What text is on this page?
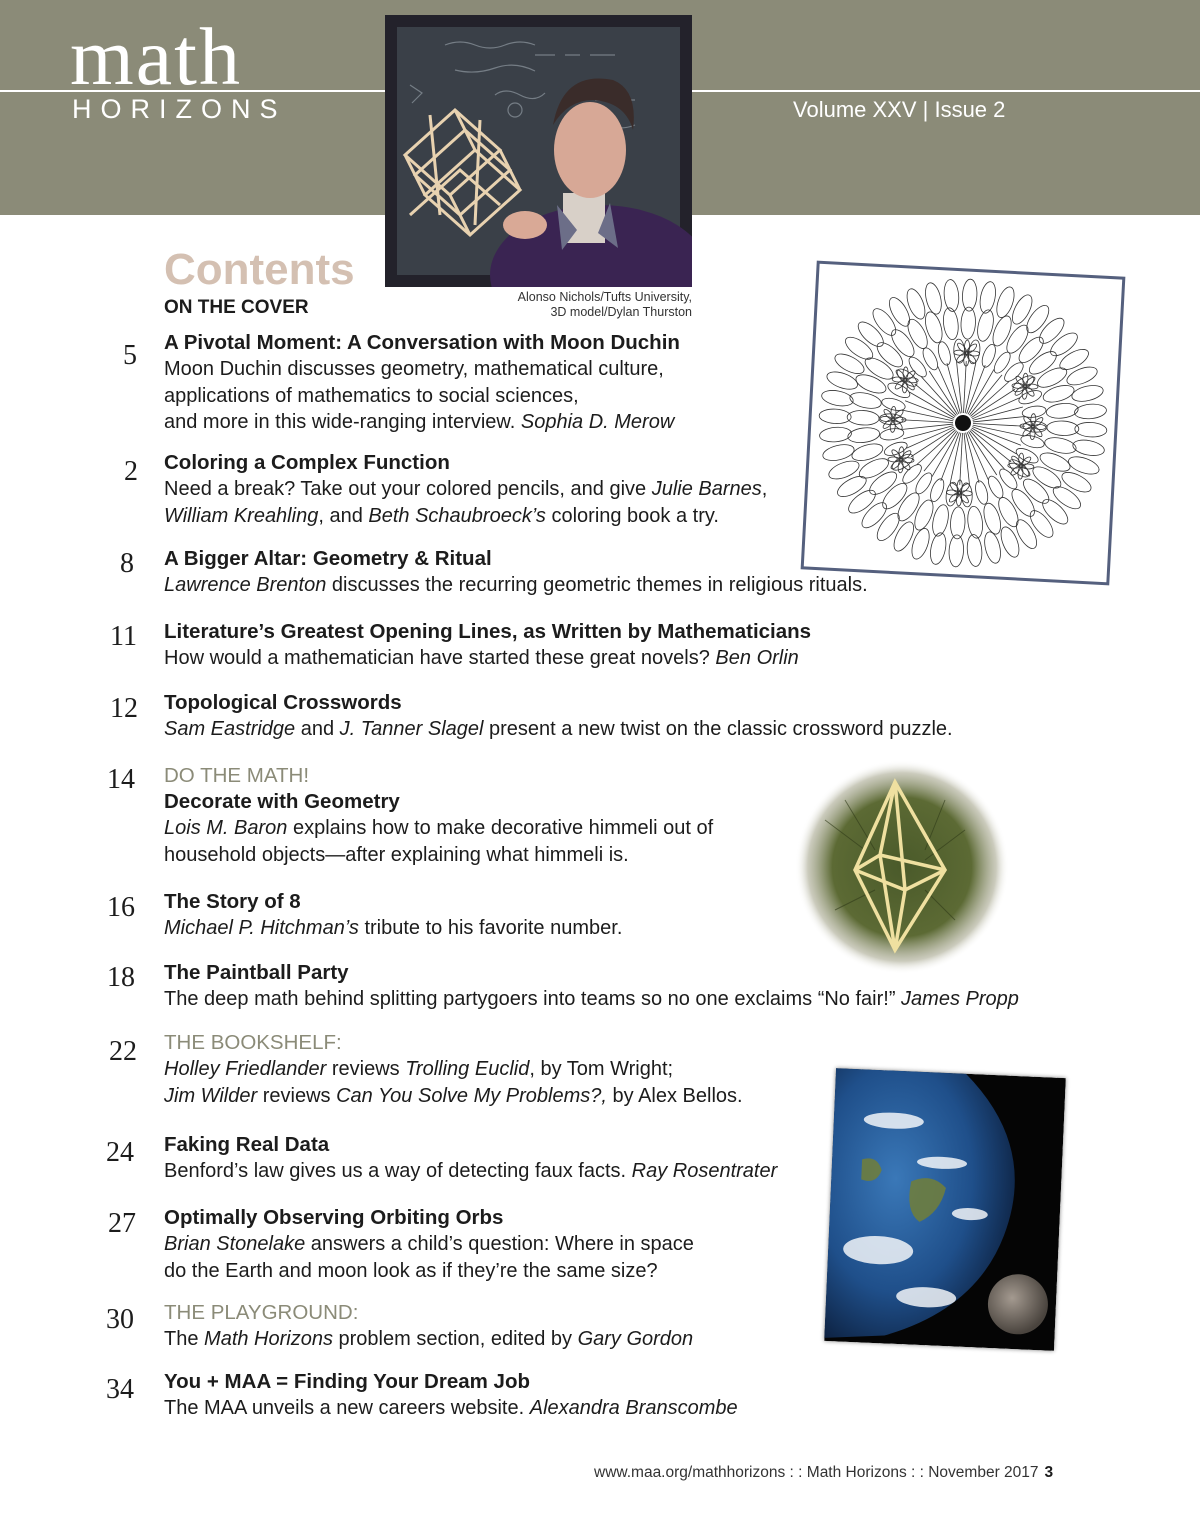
math
HORIZONS	Volume XXV | Issue 2
Alonso Nichols/Tufts University,
3D model/Dylan Thurston
Contents
ON THE COVER
5 A Pivotal Moment: A Conversation with Moon Duchin
Moon Duchin discusses geometry, mathematical culture,
applications of mathematics to social sciences,
and more in this wide-ranging interview. Sophia D. Merow
2 Coloring a Complex Function
Need a break? Take out your colored pencils, and give Julie Barnes,
William Kreahling, and Beth Schaubroeck’s coloring book a try.
8 A Bigger Altar: Geometry & Ritual
Lawrence Brenton discusses the recurring geometric themes in religious rituals.
11 Literature’s Greatest Opening Lines, as Written by Mathematicians
How would a mathematician have started these great novels? Ben Orlin
12 Topological Crosswords
Sam Eastridge and J. Tanner Slagel present a new twist on the classic crossword puzzle.
14 DO THE MATH!
Decorate with Geometry
Lois M. Baron explains how to make decorative himmeli out of
household objects—after explaining what himmeli is.
16 The Story of 8
Michael P. Hitchman’s tribute to his favorite number.
18 The Paintball Party
The deep math behind splitting partygoers into teams so no one exclaims “No fair!” James Propp
22 THE BOOKSHELF:
Holley Friedlander reviews Trolling Euclid, by Tom Wright;
Jim Wilder reviews Can You Solve My Problems?, by Alex Bellos.
24 Faking Real Data
Benford’s law gives us a way of detecting faux facts. Ray Rosentrater
27 Optimally Observing Orbiting Orbs
Brian Stonelake answers a child’s question: Where in space
do the Earth and moon look as if they’re the same size?
30 THE PLAYGROUND:
The Math Horizons problem section, edited by Gary Gordon
34 You + MAA = Finding Your Dream Job
The MAA unveils a new careers website. Alexandra Branscombe
www.maa.org/mathhorizons : : Math Horizons : : November 2017 3
